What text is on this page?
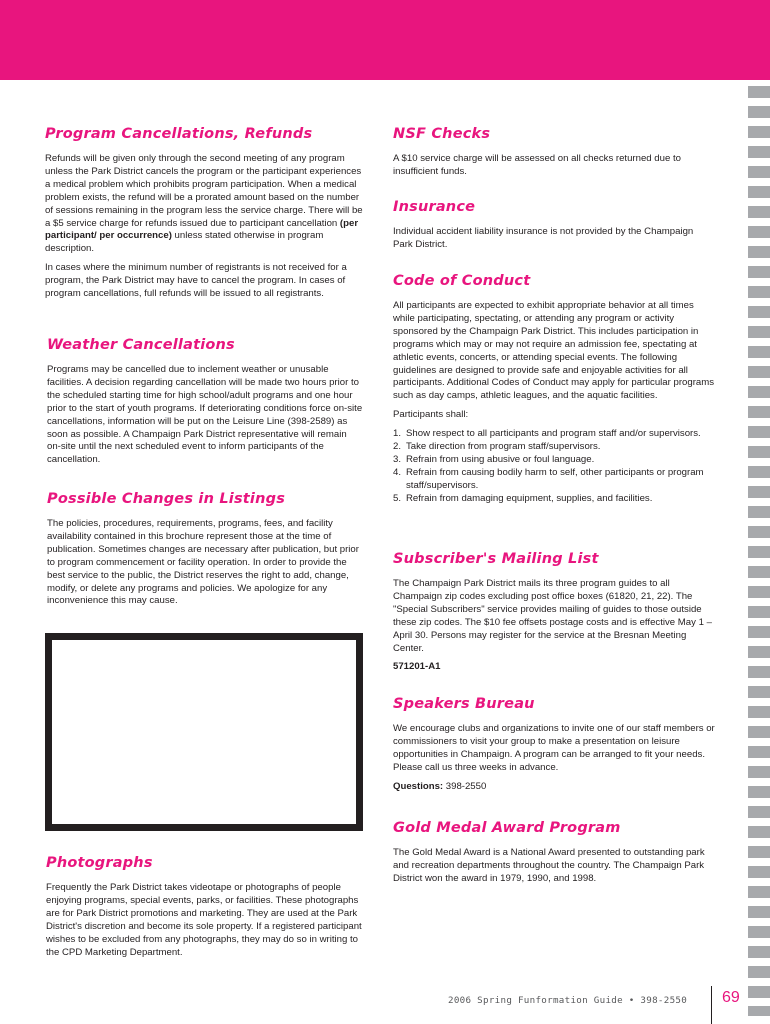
Program Cancellations, Refunds

Refunds will be given only through the second meeting of any program unless the Park District cancels the program or the participant experiences a medical problem which prohibits program participation. When a medical problem exists, the refund will be a prorated amount based on the number of sessions remaining in the program less the service charge. There will be a $5 service charge for refunds issued due to participant cancellation (per participant/ per occurrence) unless stated otherwise in program description.

In cases where the minimum number of registrants is not received for a program, the Park District may have to cancel the program. In cases of program cancellations, full refunds will be issued to all registrants.

Weather Cancellations

Programs may be cancelled due to inclement weather or unusable facilities. A decision regarding cancellation will be made two hours prior to the scheduled starting time for high school/adult programs and one hour prior to the start of youth programs. If deteriorating conditions force on-site cancellations, information will be put on the Leisure Line (398-2589) as soon as possible. A Champaign Park District representative will remain on-site until the next scheduled event to inform participants of the cancellation.

Possible Changes in Listings

The policies, procedures, requirements, programs, fees, and facility availability contained in this brochure represent those at the time of publication. Sometimes changes are necessary after publication, but prior to program commencement or facility operation. In order to provide the best service to the public, the District reserves the right to add, change, modify, or delete any programs and policies. We apologize for any inconvenience this may cause.

Photographs

Frequently the Park District takes videotape or photographs of people enjoying programs, special events, parks, or facilities. These photographs are for Park District promotions and marketing. They are used at the Park District's discretion and become its sole property. If a registered participant wishes to be excluded from any photographs, they may do so in writing to the CPD Marketing Department.

NSF Checks

A $10 service charge will be assessed on all checks returned due to insufficient funds.

Insurance

Individual accident liability insurance is not provided by the Champaign Park District.

Code of Conduct

All participants are expected to exhibit appropriate behavior at all times while participating, spectating, or attending any program or activity sponsored by the Champaign Park District. This includes participation in programs which may or may not require an admission fee, spectating at athletic events, concerts, or attending special events. The following guidelines are designed to provide safe and enjoyable activities for all participants. Additional Codes of Conduct may apply for particular programs such as day camps, athletic leagues, and the aquatic facilities.

Participants shall:

1. Show respect to all participants and program staff and/or supervisors.
2. Take direction from program staff/supervisors.
3. Refrain from using abusive or foul language.
4. Refrain from causing bodily harm to self, other participants or program staff/supervisors.
5. Refrain from damaging equipment, supplies, and facilities.
Subscriber's Mailing List

The Champaign Park District mails its three program guides to all Champaign zip codes excluding post office boxes (61820, 21, 22). The "Special Subscribers" service provides mailing of guides to those outside these zip codes. The $10 fee offsets postage costs and is effective May 1 – April 30. Persons may register for the service at the Bresnan Meeting Center.

571201-A1

Speakers Bureau

We encourage clubs and organizations to invite one of our staff members or commissioners to visit your group to make a presentation on leisure opportunities in Champaign. A program can be arranged to fit your needs. Please call us three weeks in advance.

Questions: 398-2550

Gold Medal Award Program

The Gold Medal Award is a National Award presented to outstanding park and recreation departments throughout the country. The Champaign Park District won the award in 1979, 1990, and 1998.

2006 Spring Funformation Guide • 398-2550 69
